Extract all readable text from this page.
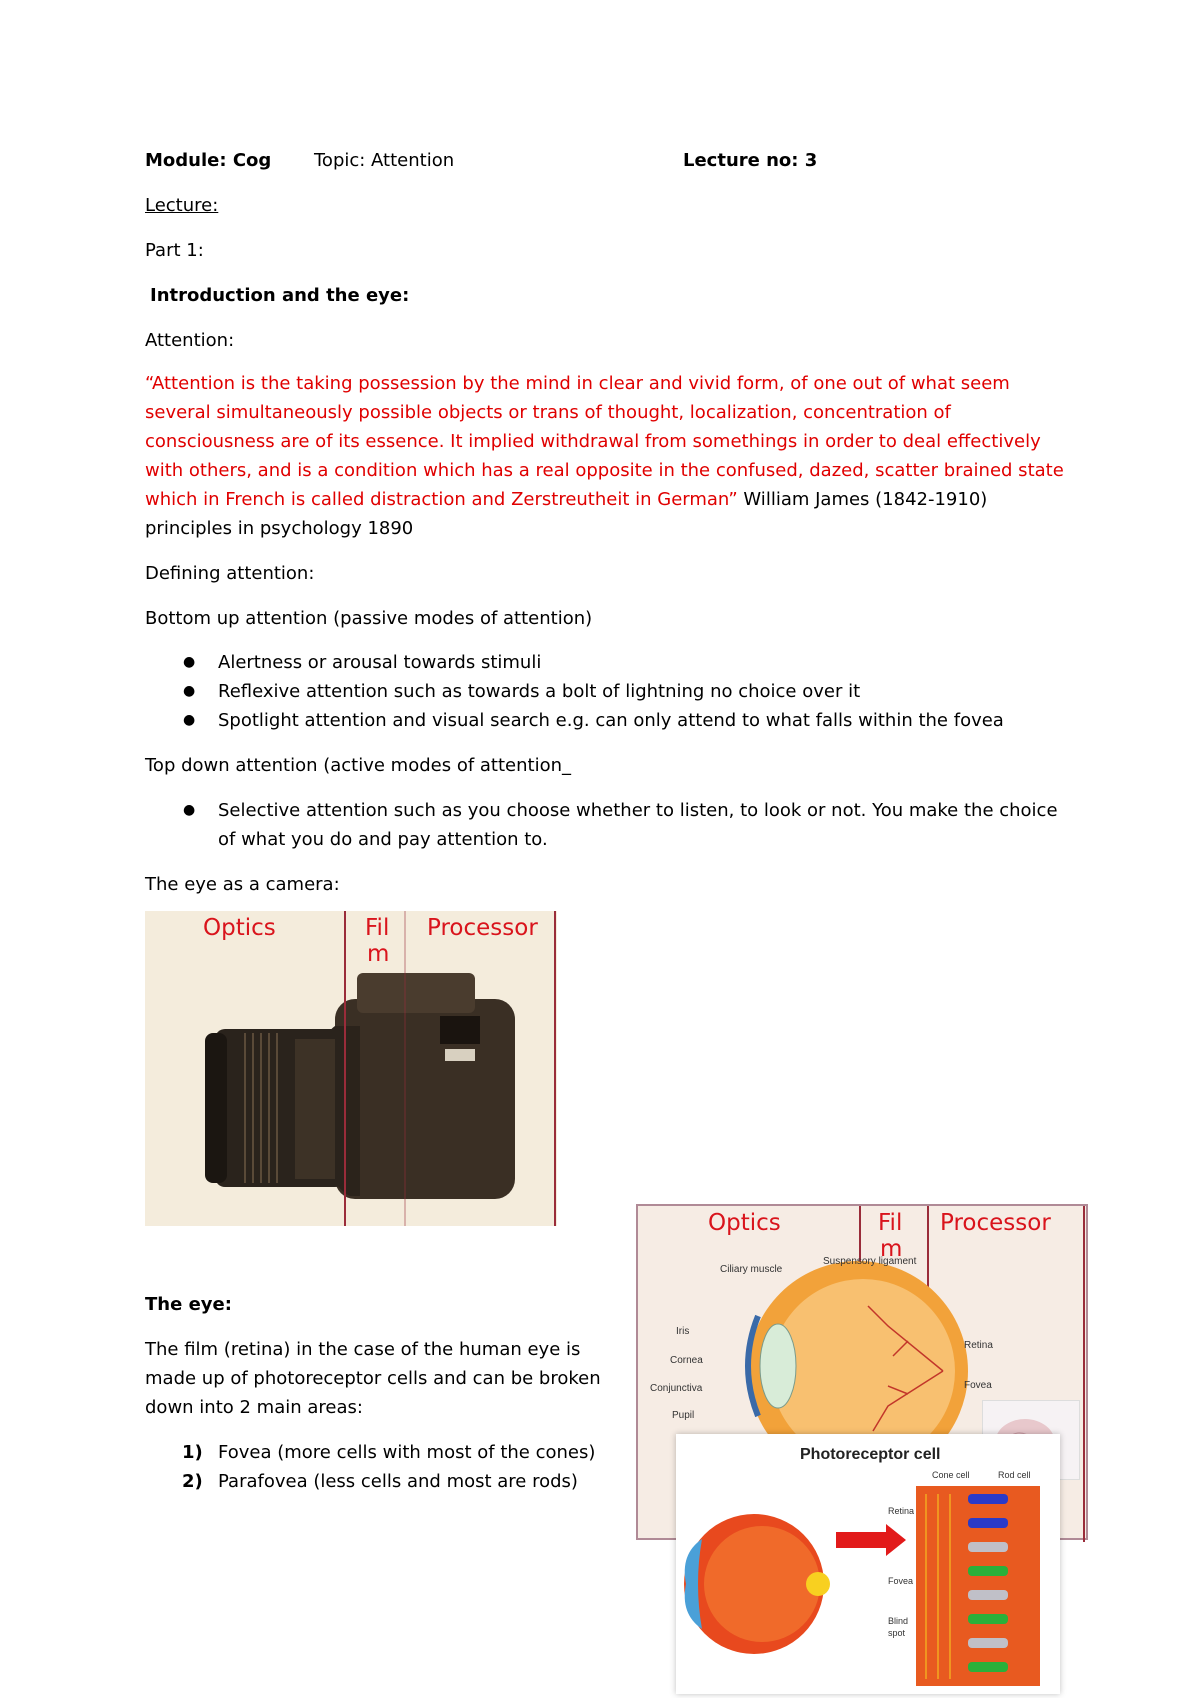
Module: Cog Topic: Attention	Lecture no: 3
Lecture:
Part 1:
Introduction and the eye:
Attention:
“Attention is the taking possession by the mind in clear and vivid form, of one out of what seem several simultaneously possible objects or trans of thought, localization, concentration of consciousness are of its essence. It implied withdrawal from somethings in order to deal effectively with others, and is a condition which has a real opposite in the confused, dazed, scatter brained state which in French is called distraction and Zerstreutheit in German” William James (1842-1910) principles in psychology 1890
Defining attention:
Bottom up attention (passive modes of attention)
● Alertness or arousal towards stimuli
● Reflexive attention such as towards a bolt of lightning no choice over it
● Spotlight attention and visual search e.g. can only attend to what falls within the fovea
Top down attention (active modes of attention_
● Selective attention such as you choose whether to listen, to look or not. You make the choice
of what you do and pay attention to.
The eye as a camera:
Optics	Fil
m
Processor
The eye:
The film (retina) in the case of the human eye is
made up of photoreceptor cells and can be broken
down into 2 main areas:
1) Fovea (more cells with most of the cones)
2) Parafovea (less cells and most are rods)
Optics	Fil
m
Processor
Ciliary muscle
Suspensory ligament
Iris
Cornea
Conjunctiva
Pupil
Retina
Fovea
Photoreceptor cell
Cone cell	Rod cell
Retina
Fovea
Blind
spot
